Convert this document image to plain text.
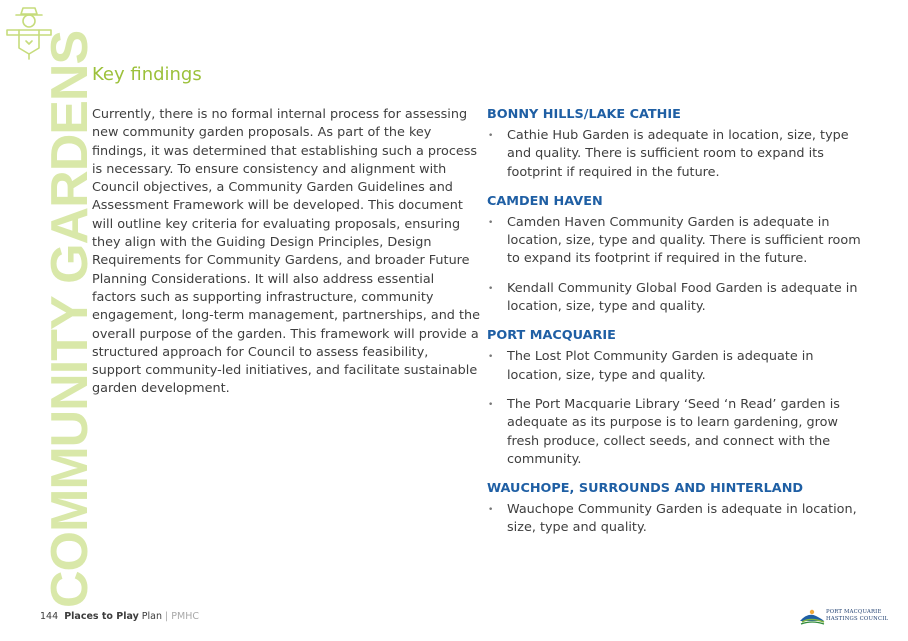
COMMUNITY GARDENS
Key findings

Currently, there is no formal internal process for assessing new community garden proposals. As part of the key findings, it was determined that establishing such a process is necessary. To ensure consistency and alignment with Council objectives, a Community Garden Guidelines and Assessment Framework will be developed. This document will outline key criteria for evaluating proposals, ensuring they align with the Guiding Design Principles, Design Requirements for Community Gardens, and broader Future Planning Considerations. It will also address essential factors such as supporting infrastructure, community engagement, long-term management, partnerships, and the overall purpose of the garden. This framework will provide a structured approach for Council to assess feasibility, support community-led initiatives, and facilitate sustainable garden development.

BONNY HILLS/LAKE CATHIE
• Cathie Hub Garden is adequate in location, size, type and quality. There is sufficient room to expand its footprint if required in the future.
CAMDEN HAVEN
• Camden Haven Community Garden is adequate in location, size, type and quality. There is sufficient room to expand its footprint if required in the future.
• Kendall Community Global Food Garden is adequate in location, size, type and quality.
PORT MACQUARIE
• The Lost Plot Community Garden is adequate in location, size, type and quality.
• The Port Macquarie Library ‘Seed ‘n Read’ garden is adequate as its purpose is to learn gardening, grow fresh produce, collect seeds, and connect with the community.
WAUCHOPE, SURROUNDS AND HINTERLAND
• Wauchope Community Garden is adequate in location, size, type and quality.
144 Places to Play Plan | PMHC	PORT MACQUARIE
HASTINGS COUNCIL
